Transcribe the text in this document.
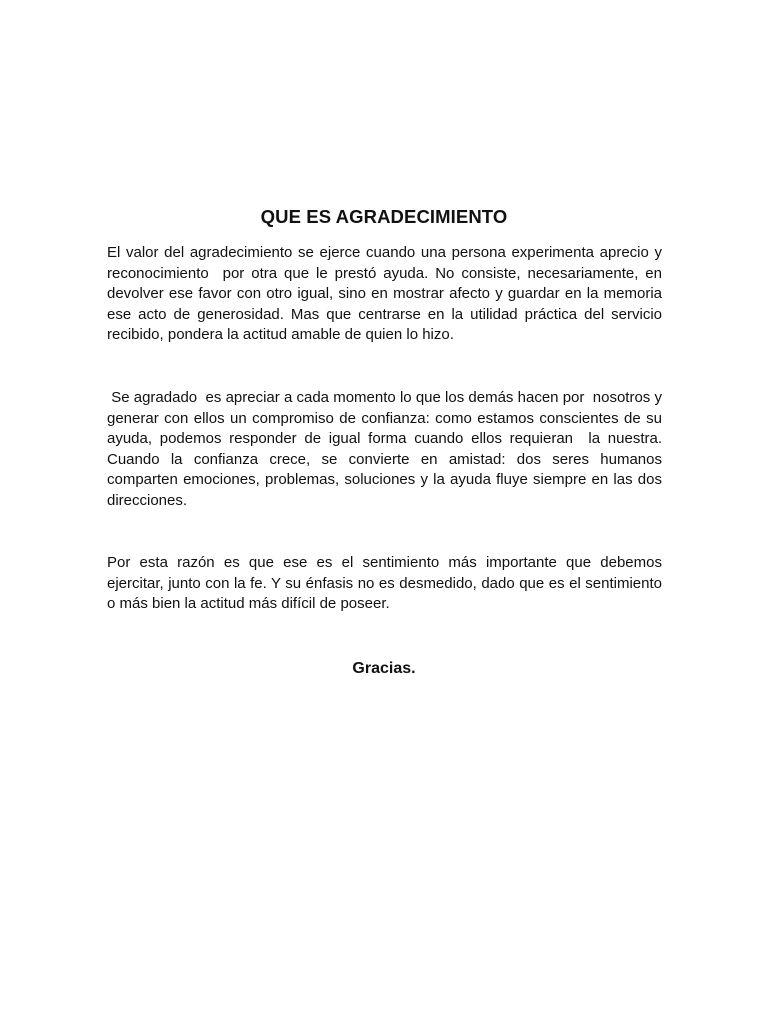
QUE ES AGRADECIMIENTO
El valor del agradecimiento se ejerce cuando una persona experimenta aprecio y reconocimiento  por otra que le prestó ayuda. No consiste, necesariamente, en devolver ese favor con otro igual, sino en mostrar afecto y guardar en la memoria ese acto de generosidad. Mas que centrarse en la utilidad práctica del servicio recibido, pondera la actitud amable de quien lo hizo.
Se agradado  es apreciar a cada momento lo que los demás hacen por  nosotros y generar con ellos un compromiso de confianza: como estamos conscientes de su ayuda, podemos responder de igual forma cuando ellos requieran  la nuestra. Cuando la confianza crece, se convierte en amistad: dos seres humanos comparten emociones, problemas, soluciones y la ayuda fluye siempre en las dos direcciones.
Por esta razón es que ese es el sentimiento más importante que debemos ejercitar, junto con la fe. Y su énfasis no es desmedido, dado que es el sentimiento o más bien la actitud más difícil de poseer.
Gracias.
